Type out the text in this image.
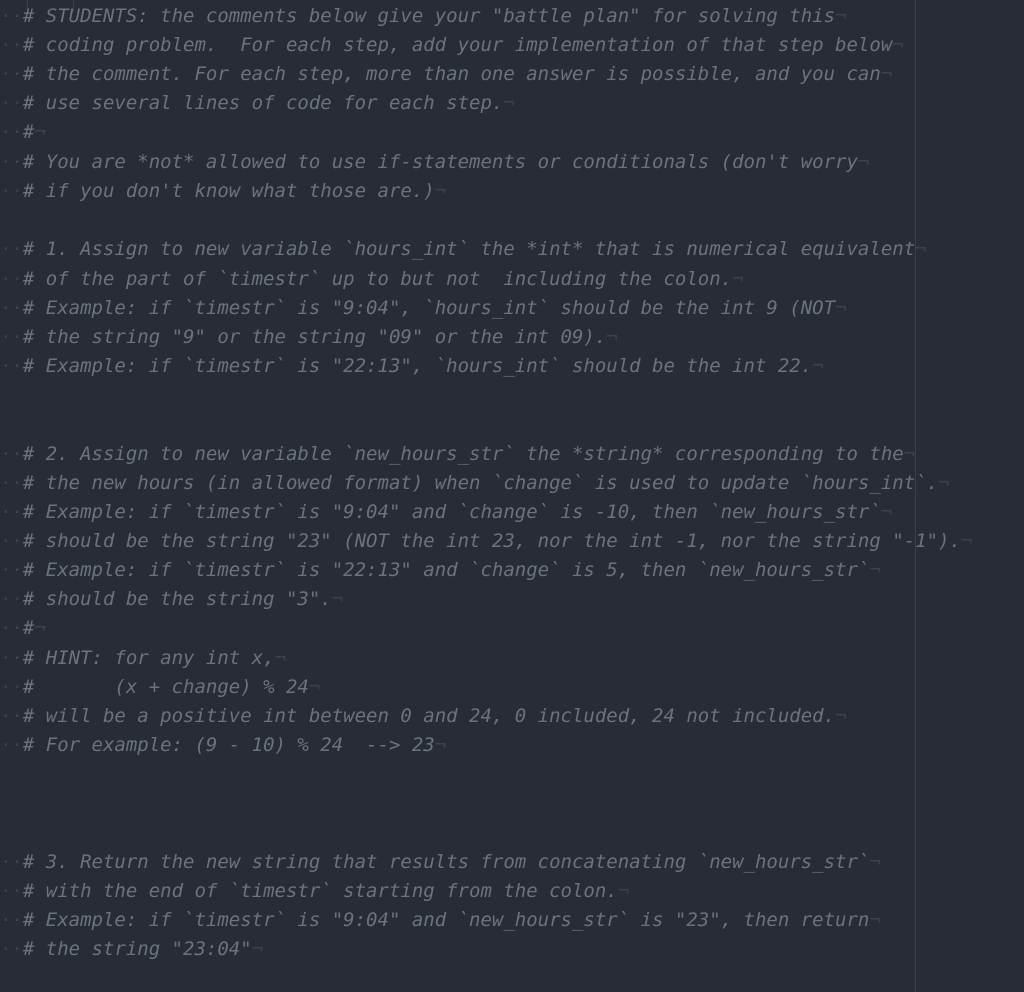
··# STUDENTS: the comments below give your "battle plan" for solving this¬
··# coding problem.  For each step, add your implementation of that step below¬
··# the comment. For each step, more than one answer is possible, and you can¬
··# use several lines of code for each step.¬
··#¬
··# You are *not* allowed to use if-statements or conditionals (don't worry¬
··# if you don't know what those are.)¬
··# 1. Assign to new variable `hours_int` the *int* that is numerical equivalent¬
··# of the part of `timestr` up to but not  including the colon.¬
··# Example: if `timestr` is "9:04", `hours_int` should be the int 9 (NOT¬
··# the string "9" or the string "09" or the int 09).¬
··# Example: if `timestr` is "22:13", `hours_int` should be the int 22.¬
··# 2. Assign to new variable `new_hours_str` the *string* corresponding to the¬
··# the new hours (in allowed format) when `change` is used to update `hours_int`.¬
··# Example: if `timestr` is "9:04" and `change` is -10, then `new_hours_str`¬
··# should be the string "23" (NOT the int 23, nor the int -1, nor the string "-1").¬
··# Example: if `timestr` is "22:13" and `change` is 5, then `new_hours_str`¬
··# should be the string "3".¬
··#¬
··# HINT: for any int x,¬
··#       (x + change) % 24¬
··# will be a positive int between 0 and 24, 0 included, 24 not included.¬
··# For example: (9 - 10) % 24  --> 23¬
··# 3. Return the new string that results from concatenating `new_hours_str`¬
··# with the end of `timestr` starting from the colon.¬
··# Example: if `timestr` is "9:04" and `new_hours_str` is "23", then return¬
··# the string "23:04"¬
